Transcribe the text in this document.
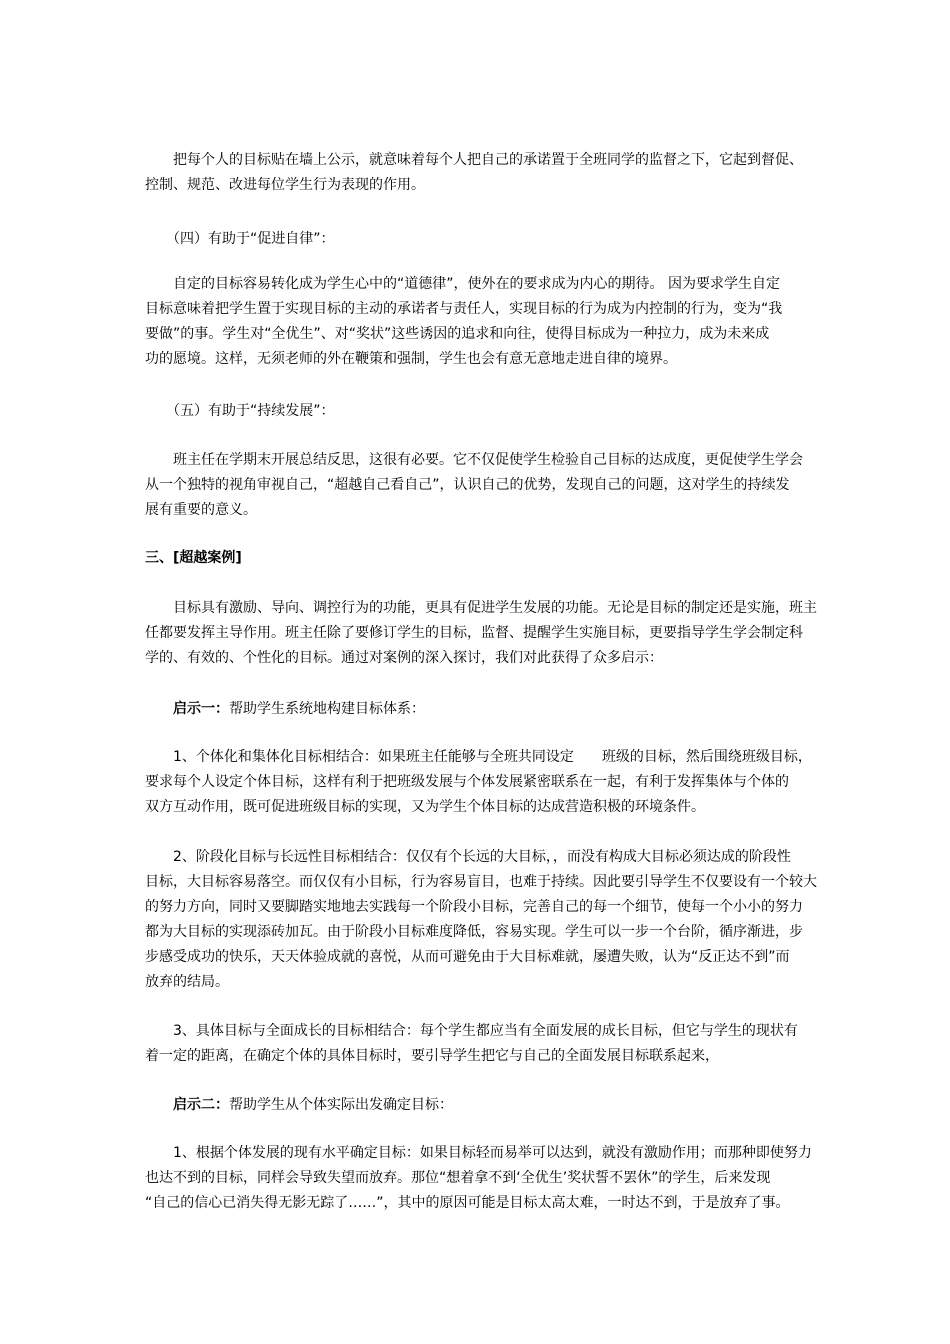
　　把每个人的目标贴在墙上公示，就意味着每个人把自己的承诺置于全班同学的监督之下，它起到督促、
控制、规范、改进每位学生行为表现的作用。
　　（四）有助于“促进自律”：
　　自定的目标容易转化成为学生心中的“道德律”，使外在的要求成为内心的期待。 因为要求学生自定
目标意味着把学生置于实现目标的主动的承诺者与责任人，实现目标的行为成为内控制的行为，变为“我
要做”的事。学生对“全优生”、对“奖状”这些诱因的追求和向往，使得目标成为一种拉力，成为未来成
功的愿境。这样，无须老师的外在鞭策和强制，学生也会有意无意地走进自律的境界。
　　（五）有助于“持续发展”：
　　班主任在学期末开展总结反思，这很有必要。它不仅促使学生检验自己目标的达成度，更促使学生学会
从一个独特的视角审视自己，“超越自己看自己”，认识自己的优势，发现自己的问题，这对学生的持续发
展有重要的意义。
三、[超越案例]
　　目标具有激励、导向、调控行为的功能，更具有促进学生发展的功能。无论是目标的制定还是实施，班主
任都要发挥主导作用。班主任除了要修订学生的目标，监督、提醒学生实施目标，更要指导学生学会制定科
学的、有效的、个性化的目标。通过对案例的深入探讨，我们对此获得了众多启示：
　　启示一：帮助学生系统地构建目标体系：
　　1、个体化和集体化目标相结合：如果班主任能够与全班共同设定　　班级的目标，然后围绕班级目标，
要求每个人设定个体目标，这样有利于把班级发展与个体发展紧密联系在一起，有利于发挥集体与个体的
双方互动作用，既可促进班级目标的实现，又为学生个体目标的达成营造积极的环境条件。
　　2、阶段化目标与长远性目标相结合：仅仅有个长远的大目标，，而没有构成大目标必须达成的阶段性
目标，大目标容易落空。而仅仅有小目标，行为容易盲目，也难于持续。因此要引导学生不仅要设有一个较大
的努力方向，同时又要脚踏实地地去实践每一个阶段小目标，完善自己的每一个细节，使每一个小小的努力
都为大目标的实现添砖加瓦。由于阶段小目标难度降低，容易实现。学生可以一步一个台阶，循序渐进，步
步感受成功的快乐，天天体验成就的喜悦，从而可避免由于大目标难就，屡遭失败，认为“反正达不到”而
放弃的结局。
　　3、具体目标与全面成长的目标相结合：每个学生都应当有全面发展的成长目标，但它与学生的现状有
着一定的距离，在确定个体的具体目标时，要引导学生把它与自己的全面发展目标联系起来，
　　启示二：帮助学生从个体实际出发确定目标：
　　1、根据个体发展的现有水平确定目标：如果目标轻而易举可以达到，就没有激励作用；而那种即使努力
也达不到的目标，同样会导致失望而放弃。那位“想着拿不到‘全优生’奖状誓不罢休”的学生，后来发现
“自己的信心已消失得无影无踪了……”，其中的原因可能是目标太高太难，一时达不到，于是放弃了事。
